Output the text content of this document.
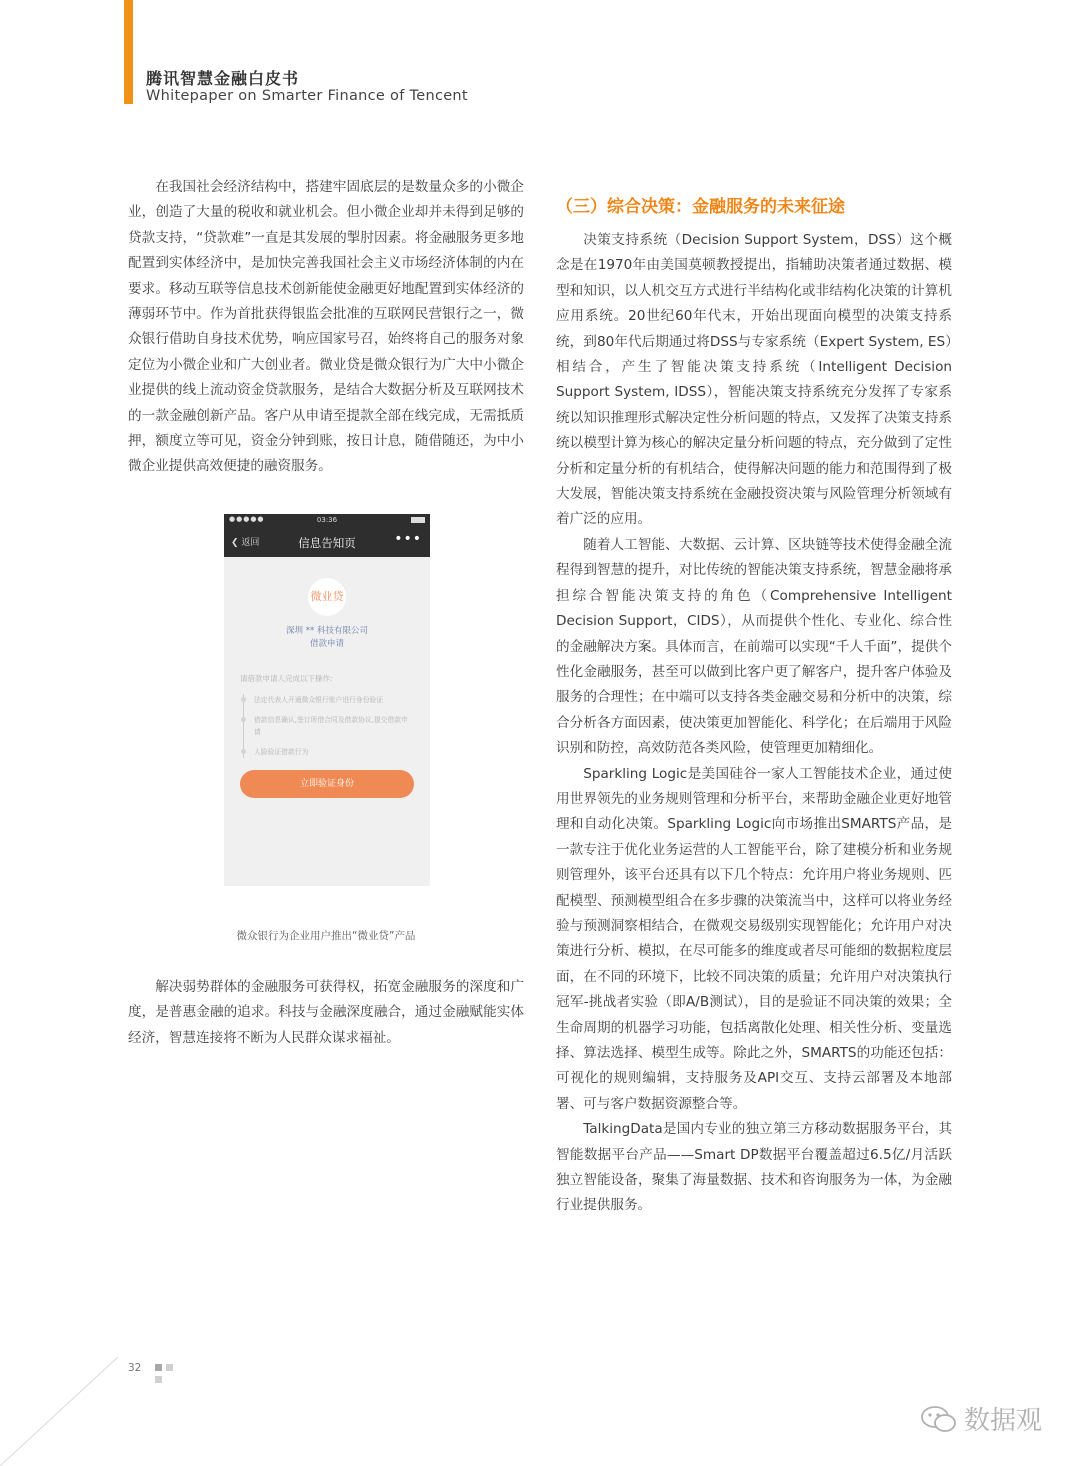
腾讯智慧金融白皮书
Whitepaper on Smarter Finance of Tencent

在我国社会经济结构中，搭建牢固底层的是数量众多的小微企业，创造了大量的税收和就业机会。但小微企业却并未得到足够的贷款支持，“贷款难”一直是其发展的掣肘因素。将金融服务更多地配置到实体经济中，是加快完善我国社会主义市场经济体制的内在要求。移动互联等信息技术创新能使金融更好地配置到实体经济的薄弱环节中。作为首批获得银监会批准的互联网民营银行之一，微众银行借助自身技术优势，响应国家号召，始终将自己的服务对象定位为小微企业和广大创业者。微业贷是微众银行为广大中小微企业提供的线上流动资金贷款服务，是结合大数据分析及互联网技术的一款金融创新产品。客户从申请至提款全部在线完成，无需抵质押，额度立等可见，资金分钟到账，按日计息，随借随还，为中小微企业提供高效便捷的融资服务。

●●●●●	03:36
❮ 返回	信息告知页	•••
微业贷
深圳 ** 科技有限公司
借款申请
请借款申请人完成以下操作:
法定代表人开通微众银行账户进行身份验证
借款信息确认,签订所借合同及借款协议,提交借款申请
人脸验证借款行为
立即验证身份
微众银行为企业用户推出“微业贷”产品

解决弱势群体的金融服务可获得权，拓宽金融服务的深度和广度，是普惠金融的追求。科技与金融深度融合，通过金融赋能实体经济，智慧连接将不断为人民群众谋求福祉。

（三）综合决策：金融服务的未来征途

决策支持系统（Decision Support System，DSS）这个概念是在1970年由美国莫顿教授提出，指辅助决策者通过数据、模型和知识，以人机交互方式进行半结构化或非结构化决策的计算机应用系统。20世纪60年代末，开始出现面向模型的决策支持系统，到80年代后期通过将DSS与专家系统（Expert System, ES）相结合，产生了智能决策支持系统（Intelligent Decision Support System, IDSS），智能决策支持系统充分发挥了专家系统以知识推理形式解决定性分析问题的特点，又发挥了决策支持系统以模型计算为核心的解决定量分析问题的特点，充分做到了定性分析和定量分析的有机结合，使得解决问题的能力和范围得到了极大发展，智能决策支持系统在金融投资决策与风险管理分析领域有着广泛的应用。

随着人工智能、大数据、云计算、区块链等技术使得金融全流程得到智慧的提升，对比传统的智能决策支持系统，智慧金融将承担综合智能决策支持的角色（Comprehensive Intelligent Decision Support，CIDS），从而提供个性化、专业化、综合性的金融解决方案。具体而言，在前端可以实现“千人千面”，提供个性化金融服务，甚至可以做到比客户更了解客户，提升客户体验及服务的合理性；在中端可以支持各类金融交易和分析中的决策，综合分析各方面因素，使决策更加智能化、科学化；在后端用于风险识别和防控，高效防范各类风险，使管理更加精细化。

Sparkling Logic是美国硅谷一家人工智能技术企业，通过使用世界领先的业务规则管理和分析平台，来帮助金融企业更好地管理和自动化决策。Sparkling Logic向市场推出SMARTS产品，是一款专注于优化业务运营的人工智能平台，除了建模分析和业务规则管理外，该平台还具有以下几个特点：允许用户将业务规则、匹配模型、预测模型组合在多步骤的决策流当中，这样可以将业务经验与预测洞察相结合，在微观交易级别实现智能化；允许用户对决策进行分析、模拟，在尽可能多的维度或者尽可能细的数据粒度层面，在不同的环境下，比较不同决策的质量；允许用户对决策执行冠军-挑战者实验（即A/B测试），目的是验证不同决策的效果；全生命周期的机器学习功能，包括离散化处理、相关性分析、变量选择、算法选择、模型生成等。除此之外，SMARTS的功能还包括：可视化的规则编辑，支持服务及API交互、支持云部署及本地部署、可与客户数据资源整合等。

TalkingData是国内专业的独立第三方移动数据服务平台，其智能数据平台产品——Smart DP数据平台覆盖超过6.5亿/月活跃独立智能设备，聚集了海量数据、技术和咨询服务为一体，为金融行业提供服务。

32
数据观
